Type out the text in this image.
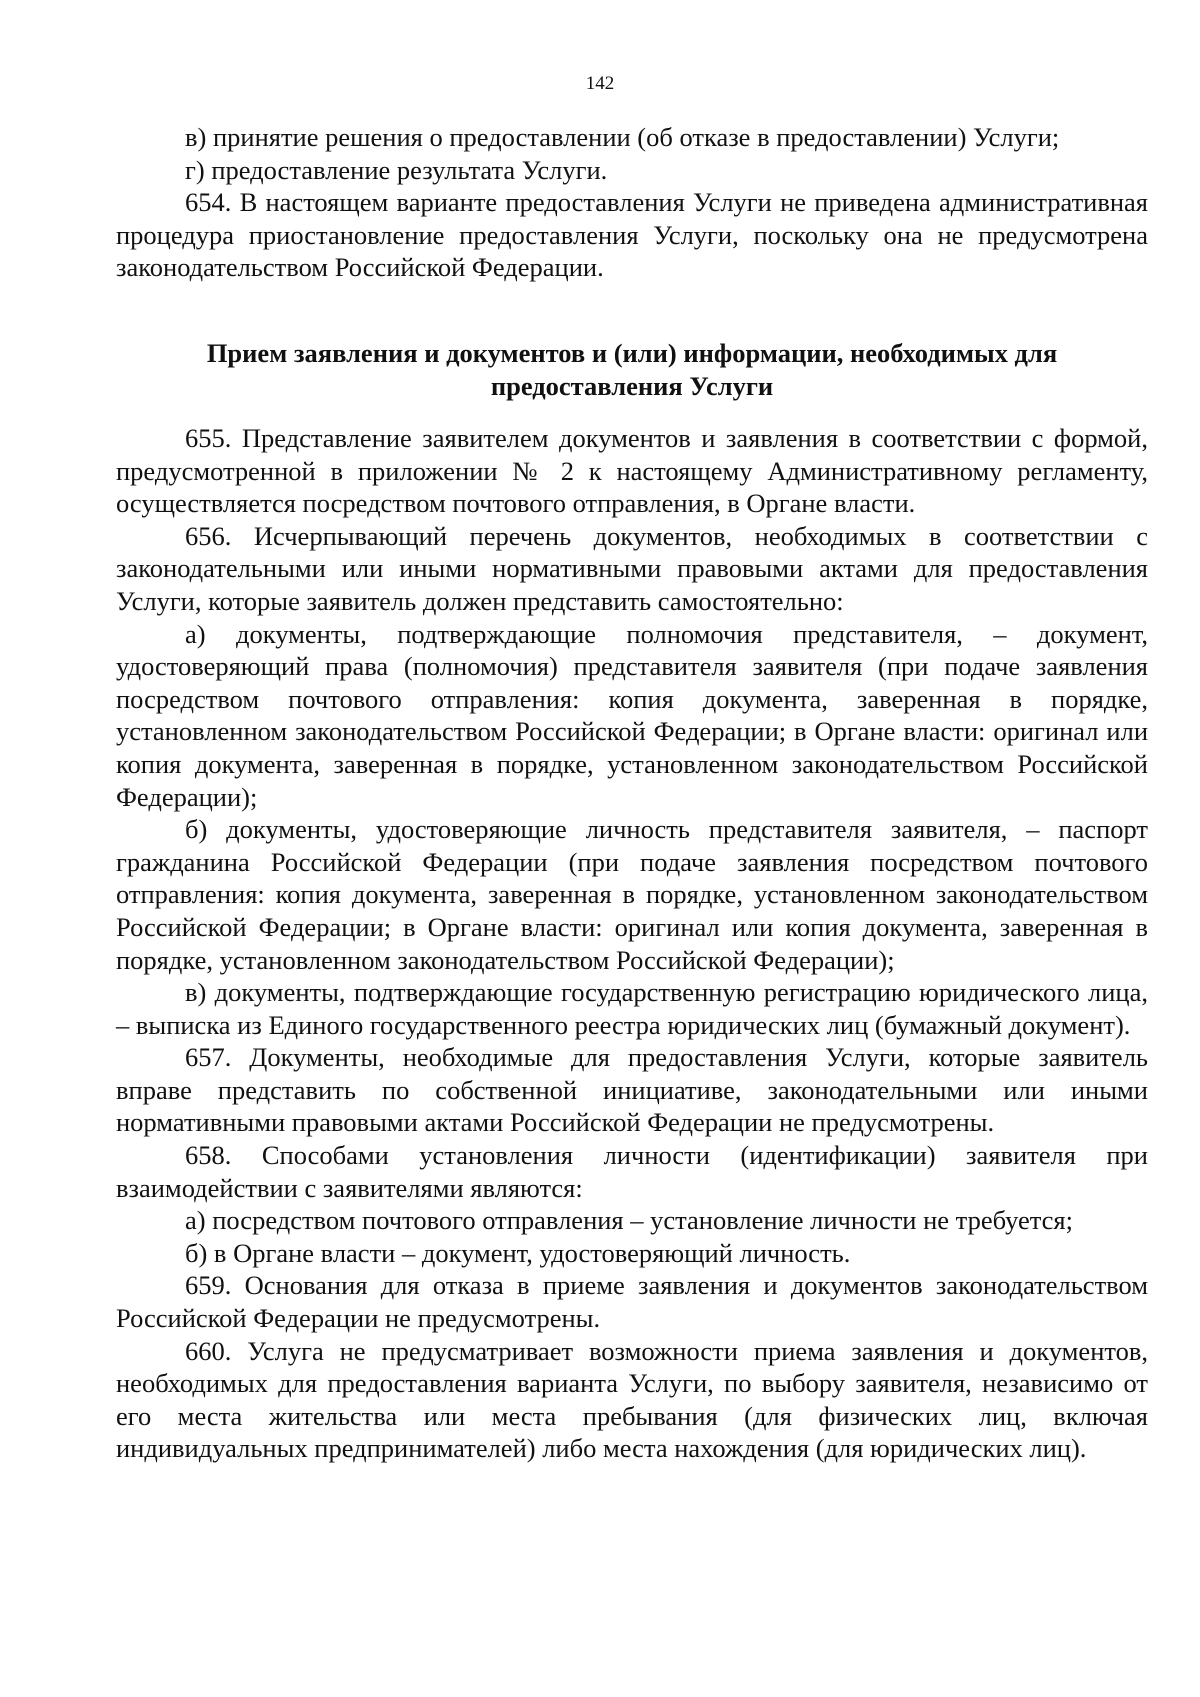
142

в) принятие решения о предоставлении (об отказе в предоставлении) Услуги;

г) предоставление результата Услуги.

654. В настоящем варианте предоставления Услуги не приведена административная процедура приостановление предоставления Услуги, поскольку она не предусмотрена законодательством Российской Федерации.

Прием заявления и документов и (или) информации, необходимых для предоставления Услуги

655. Представление заявителем документов и заявления в соответствии с формой, предусмотренной в приложении № 2 к настоящему Административному регламенту, осуществляется посредством почтового отправления, в Органе власти.

656. Исчерпывающий перечень документов, необходимых в соответствии с законодательными или иными нормативными правовыми актами для предоставления Услуги, которые заявитель должен представить самостоятельно:

а) документы, подтверждающие полномочия представителя, – документ, удостоверяющий права (полномочия) представителя заявителя (при подаче заявления посредством почтового отправления: копия документа, заверенная в порядке, установленном законодательством Российской Федерации; в Органе власти: оригинал или копия документа, заверенная в порядке, установленном законодательством Российской Федерации);

б) документы, удостоверяющие личность представителя заявителя, – паспорт гражданина Российской Федерации (при подаче заявления посредством почтового отправления: копия документа, заверенная в порядке, установленном законодательством Российской Федерации; в Органе власти: оригинал или копия документа, заверенная в порядке, установленном законодательством Российской Федерации);

в) документы, подтверждающие государственную регистрацию юридического лица, – выписка из Единого государственного реестра юридических лиц (бумажный документ).

657. Документы, необходимые для предоставления Услуги, которые заявитель вправе представить по собственной инициативе, законодательными или иными нормативными правовыми актами Российской Федерации не предусмотрены.

658. Способами установления личности (идентификации) заявителя при взаимодействии с заявителями являются:

а) посредством почтового отправления – установление личности не требуется;

б) в Органе власти – документ, удостоверяющий личность.

659. Основания для отказа в приеме заявления и документов законодательством Российской Федерации не предусмотрены.

660. Услуга не предусматривает возможности приема заявления и документов, необходимых для предоставления варианта Услуги, по выбору заявителя, независимо от его места жительства или места пребывания (для физических лиц, включая индивидуальных предпринимателей) либо места нахождения (для юридических лиц).
